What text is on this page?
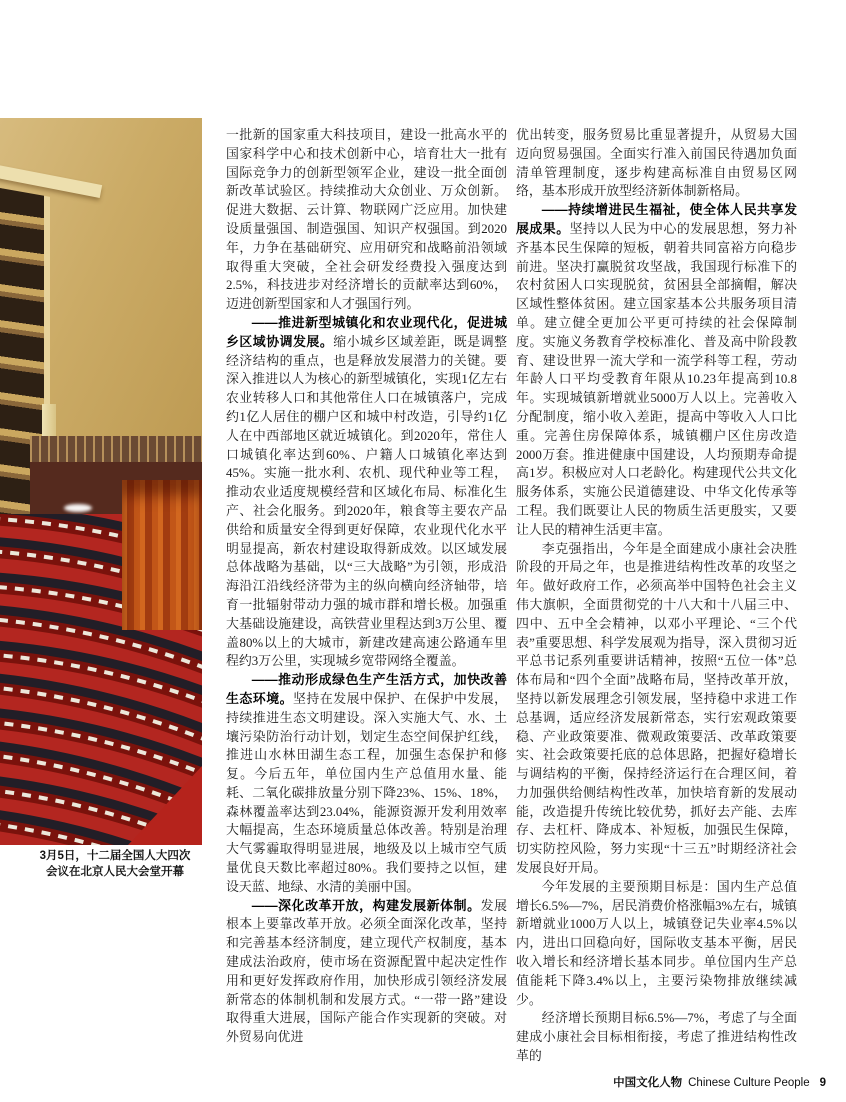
3月5日，十二届全国人大四次
会议在北京人民大会堂开幕

一批新的国家重大科技项目，建设一批高水平的国家科学中心和技术创新中心，培育壮大一批有国际竞争力的创新型领军企业，建设一批全面创新改革试验区。持续推动大众创业、万众创新。促进大数据、云计算、物联网广泛应用。加快建设质量强国、制造强国、知识产权强国。到2020年，力争在基础研究、应用研究和战略前沿领域取得重大突破，全社会研发经费投入强度达到2.5%，科技进步对经济增长的贡献率达到60%，迈进创新型国家和人才强国行列。

——推进新型城镇化和农业现代化，促进城乡区域协调发展。缩小城乡区域差距，既是调整经济结构的重点，也是释放发展潜力的关键。要深入推进以人为核心的新型城镇化，实现1亿左右农业转移人口和其他常住人口在城镇落户，完成约1亿人居住的棚户区和城中村改造，引导约1亿人在中西部地区就近城镇化。到2020年，常住人口城镇化率达到60%、户籍人口城镇化率达到45%。实施一批水利、农机、现代种业等工程，推动农业适度规模经营和区域化布局、标准化生产、社会化服务。到2020年，粮食等主要农产品供给和质量安全得到更好保障，农业现代化水平明显提高，新农村建设取得新成效。以区域发展总体战略为基础，以“三大战略”为引领，形成沿海沿江沿线经济带为主的纵向横向经济轴带，培育一批辐射带动力强的城市群和增长极。加强重大基础设施建设，高铁营业里程达到3万公里、覆盖80%以上的大城市，新建改建高速公路通车里程约3万公里，实现城乡宽带网络全覆盖。

——推动形成绿色生产生活方式，加快改善生态环境。坚持在发展中保护、在保护中发展，持续推进生态文明建设。深入实施大气、水、土壤污染防治行动计划，划定生态空间保护红线，推进山水林田湖生态工程，加强生态保护和修复。今后五年，单位国内生产总值用水量、能耗、二氧化碳排放量分别下降23%、15%、18%，森林覆盖率达到23.04%，能源资源开发利用效率大幅提高，生态环境质量总体改善。特别是治理大气雾霾取得明显进展，地级及以上城市空气质量优良天数比率超过80%。我们要持之以恒，建设天蓝、地绿、水清的美丽中国。

——深化改革开放，构建发展新体制。发展根本上要靠改革开放。必须全面深化改革，坚持和完善基本经济制度，建立现代产权制度，基本建成法治政府，使市场在资源配置中起决定性作用和更好发挥政府作用，加快形成引领经济发展新常态的体制机制和发展方式。“一带一路”建设取得重大进展，国际产能合作实现新的突破。对外贸易向优进

优出转变，服务贸易比重显著提升，从贸易大国迈向贸易强国。全面实行准入前国民待遇加负面清单管理制度，逐步构建高标准自由贸易区网络，基本形成开放型经济新体制新格局。

——持续增进民生福祉，使全体人民共享发展成果。坚持以人民为中心的发展思想，努力补齐基本民生保障的短板，朝着共同富裕方向稳步前进。坚决打赢脱贫攻坚战，我国现行标准下的农村贫困人口实现脱贫，贫困县全部摘帽，解决区域性整体贫困。建立国家基本公共服务项目清单。建立健全更加公平更可持续的社会保障制度。实施义务教育学校标准化、普及高中阶段教育、建设世界一流大学和一流学科等工程，劳动年龄人口平均受教育年限从10.23年提高到10.8年。实现城镇新增就业5000万人以上。完善收入分配制度，缩小收入差距，提高中等收入人口比重。完善住房保障体系，城镇棚户区住房改造2000万套。推进健康中国建设，人均预期寿命提高1岁。积极应对人口老龄化。构建现代公共文化服务体系，实施公民道德建设、中华文化传承等工程。我们既要让人民的物质生活更殷实，又要让人民的精神生活更丰富。

李克强指出，今年是全面建成小康社会决胜阶段的开局之年，也是推进结构性改革的攻坚之年。做好政府工作，必须高举中国特色社会主义伟大旗帜，全面贯彻党的十八大和十八届三中、四中、五中全会精神，以邓小平理论、“三个代表”重要思想、科学发展观为指导，深入贯彻习近平总书记系列重要讲话精神，按照“五位一体”总体布局和“四个全面”战略布局，坚持改革开放，坚持以新发展理念引领发展，坚持稳中求进工作总基调，适应经济发展新常态，实行宏观政策要稳、产业政策要准、微观政策要活、改革政策要实、社会政策要托底的总体思路，把握好稳增长与调结构的平衡，保持经济运行在合理区间，着力加强供给侧结构性改革，加快培育新的发展动能，改造提升传统比较优势，抓好去产能、去库存、去杠杆、降成本、补短板，加强民生保障，切实防控风险，努力实现“十三五”时期经济社会发展良好开局。

今年发展的主要预期目标是：国内生产总值增长6.5%—7%，居民消费价格涨幅3%左右，城镇新增就业1000万人以上，城镇登记失业率4.5%以内，进出口回稳向好，国际收支基本平衡，居民收入增长和经济增长基本同步。单位国内生产总值能耗下降3.4%以上，主要污染物排放继续减少。

经济增长预期目标6.5%—7%，考虑了与全面建成小康社会目标相衔接，考虑了推进结构性改革的

中国文化人物 Chinese Culture People 9
